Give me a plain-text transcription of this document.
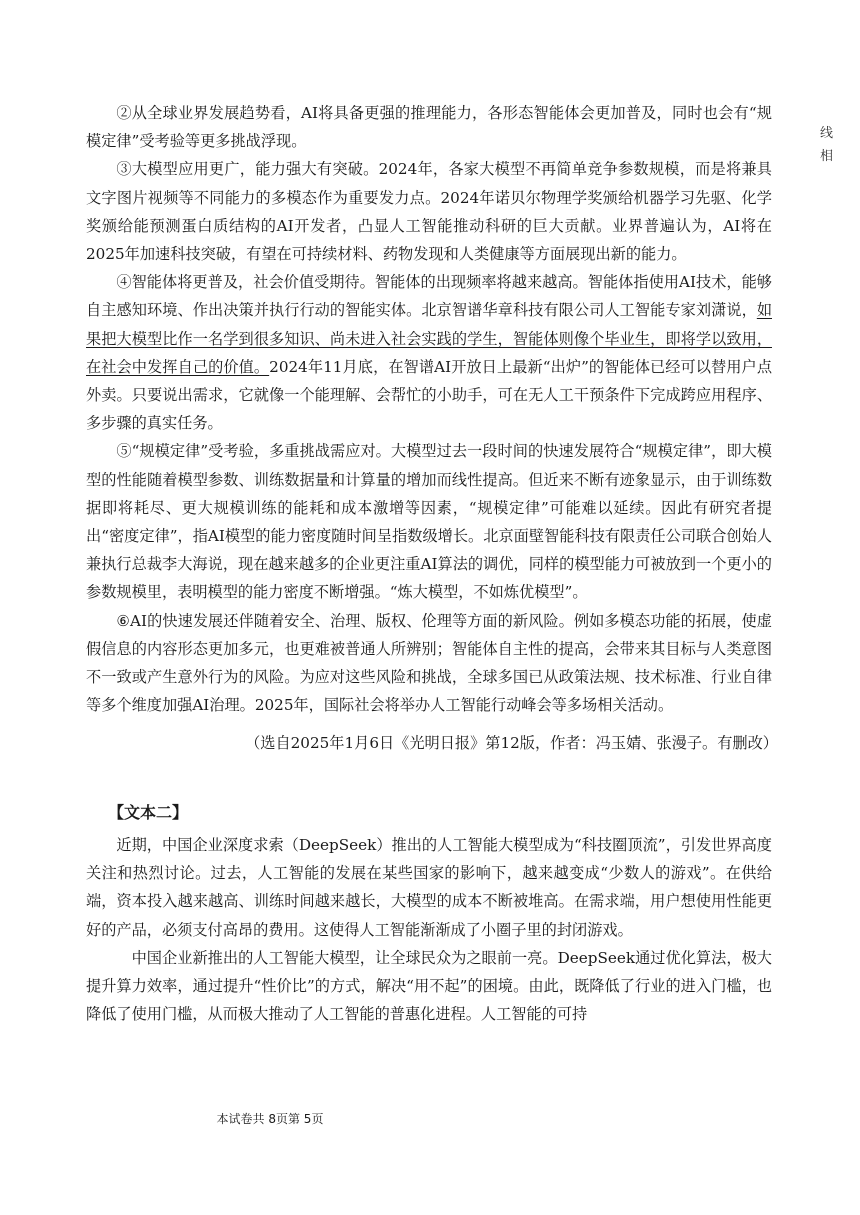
②从全球业界发展趋势看，AI将具备更强的推理能力，各形态智能体会更加普及，同时也会有“规模定律”受考验等更多挑战浮现。

③大模型应用更广，能力强大有突破。2024年，各家大模型不再简单竞争参数规模，而是将兼具文字图片视频等不同能力的多模态作为重要发力点。2024年诺贝尔物理学奖颁给机器学习先驱、化学奖颁给能预测蛋白质结构的AI开发者，凸显人工智能推动科研的巨大贡献。业界普遍认为，AI将在2025年加速科技突破，有望在可持续材料、药物发现和人类健康等方面展现出新的能力。

④智能体将更普及，社会价值受期待。智能体的出现频率将越来越高。智能体指使用AI技术，能够自主感知环境、作出决策并执行行动的智能实体。北京智谱华章科技有限公司人工智能专家刘潇说，如果把大模型比作一名学到很多知识、尚未进入社会实践的学生，智能体则像个毕业生，即将学以致用，在社会中发挥自己的价值。2024年11月底，在智谱AI开放日上最新“出炉”的智能体已经可以替用户点外卖。只要说出需求，它就像一个能理解、会帮忙的小助手，可在无人工干预条件下完成跨应用程序、多步骤的真实任务。

⑤“规模定律”受考验，多重挑战需应对。大模型过去一段时间的快速发展符合“规模定律”，即大模型的性能随着模型参数、训练数据量和计算量的增加而线性提高。但近来不断有迹象显示，由于训练数据即将耗尽、更大规模训练的能耗和成本激增等因素，“规模定律”可能难以延续。因此有研究者提出“密度定律”，指AI模型的能力密度随时间呈指数级增长。北京面壁智能科技有限责任公司联合创始人兼执行总裁李大海说，现在越来越多的企业更注重AI算法的调优，同样的模型能力可被放到一个更小的参数规模里，表明模型的能力密度不断增强。“炼大模型，不如炼优模型”。

⑥AI的快速发展还伴随着安全、治理、版权、伦理等方面的新风险。例如多模态功能的拓展，使虚假信息的内容形态更加多元，也更难被普通人所辨别；智能体自主性的提高，会带来其目标与人类意图不一致或产生意外行为的风险。为应对这些风险和挑战，全球多国已从政策法规、技术标准、行业自律等多个维度加强AI治理。2025年，国际社会将举办人工智能行动峰会等多场相关活动。

（选自2025年1月6日《光明日报》第12版，作者：冯玉婧、张漫子。有删改）

【文本二】

近期，中国企业深度求索（DeepSeek）推出的人工智能大模型成为“科技圈顶流”，引发世界高度关注和热烈讨论。过去，人工智能的发展在某些国家的影响下，越来越变成“少数人的游戏”。在供给端，资本投入越来越高、训练时间越来越长，大模型的成本不断被堆高。在需求端，用户想使用性能更好的产品，必须支付高昂的费用。这使得人工智能渐渐成了小圈子里的封闭游戏。

中国企业新推出的人工智能大模型，让全球民众为之眼前一亮。DeepSeek通过优化算法，极大提升算力效率，通过提升“性价比”的方式，解决“用不起”的困境。由此，既降低了行业的进入门槛，也降低了使用门槛，从而极大推动了人工智能的普惠化进程。人工智能的可持

本试卷共 8页第 5页
线
相
